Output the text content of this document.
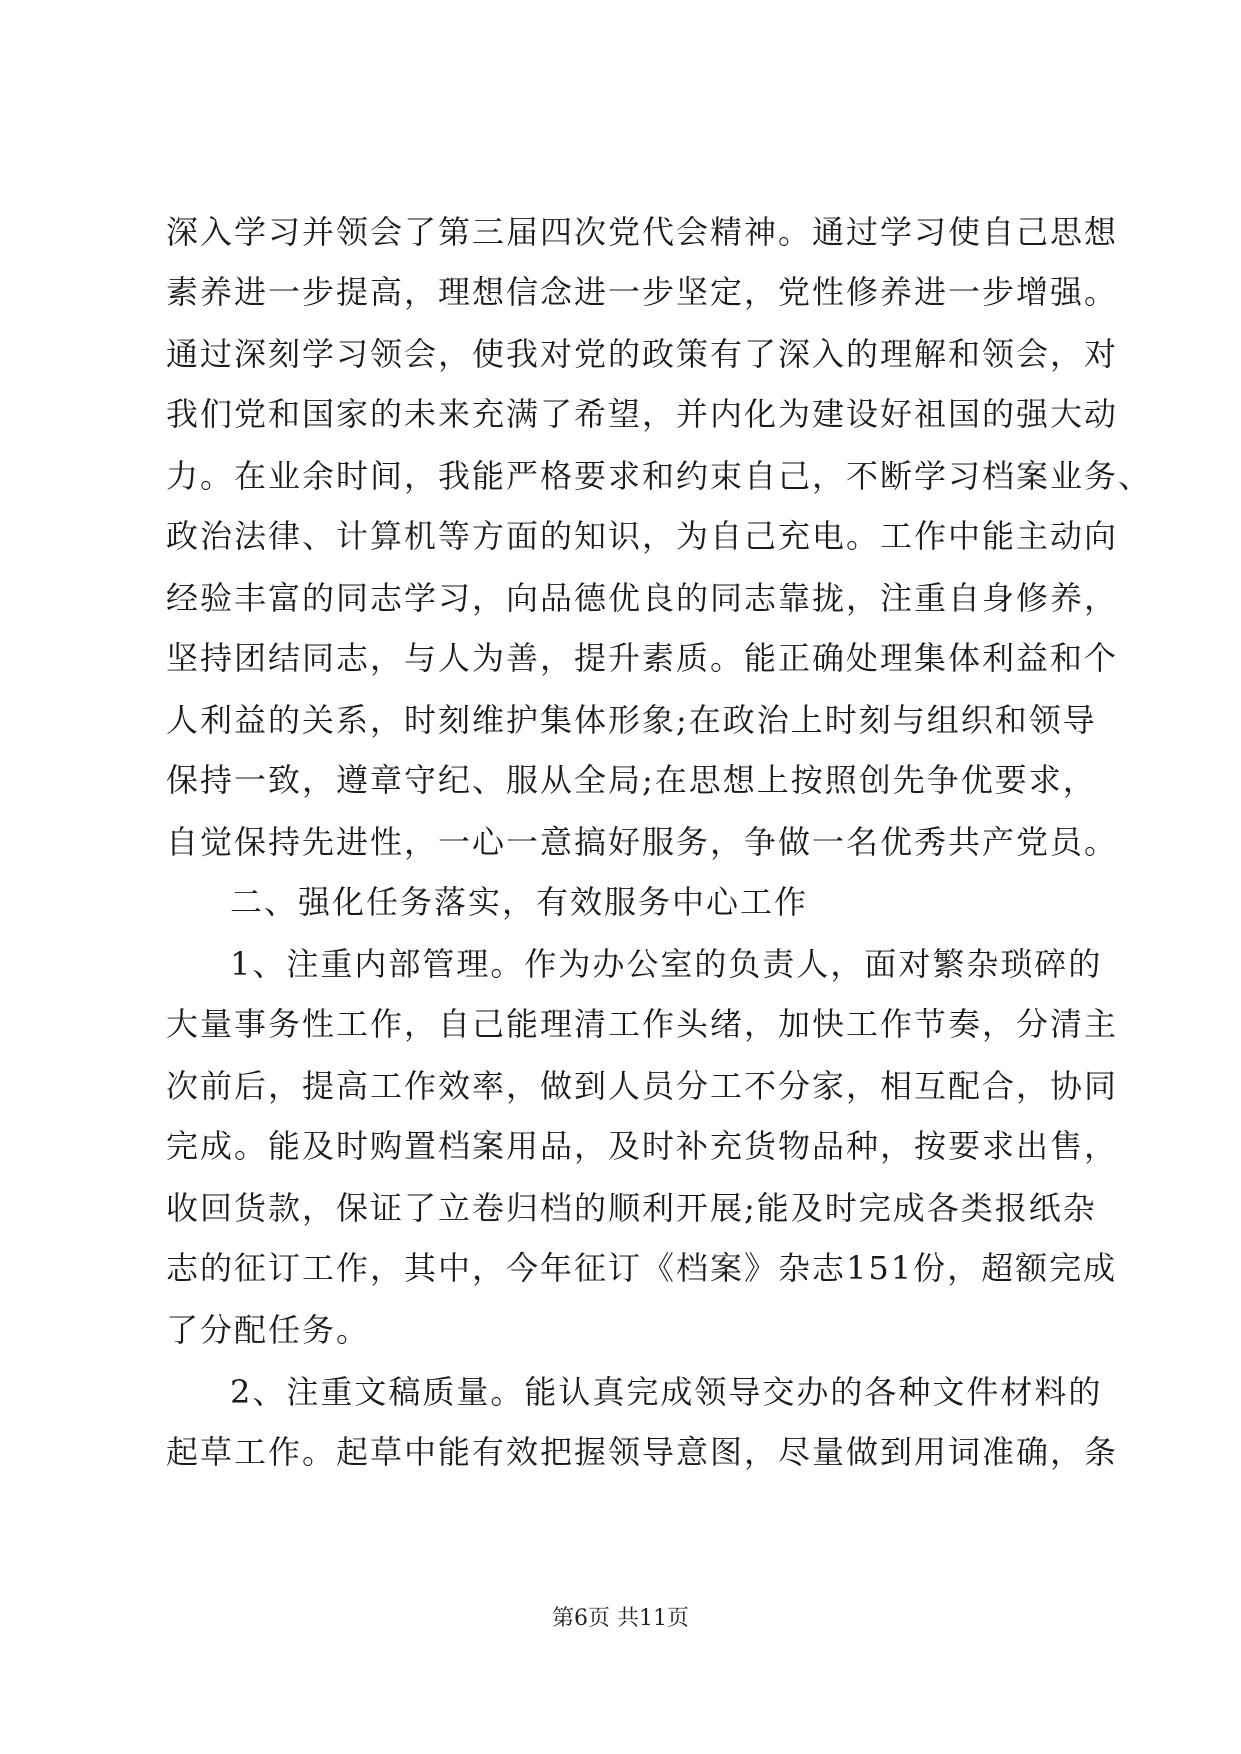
深入学习并领会了第三届四次党代会精神。通过学习使自己思想
素养进一步提高，理想信念进一步坚定，党性修养进一步增强。
通过深刻学习领会，使我对党的政策有了深入的理解和领会，对
我们党和国家的未来充满了希望，并内化为建设好祖国的强大动
力。在业余时间，我能严格要求和约束自己，不断学习档案业务、
政治法律、计算机等方面的知识，为自己充电。工作中能主动向
经验丰富的同志学习，向品德优良的同志靠拢，注重自身修养，
坚持团结同志，与人为善，提升素质。能正确处理集体利益和个
人利益的关系，时刻维护集体形象;在政治上时刻与组织和领导
保持一致，遵章守纪、服从全局;在思想上按照创先争优要求，
自觉保持先进性，一心一意搞好服务，争做一名优秀共产党员。
二、强化任务落实，有效服务中心工作
1、注重内部管理。作为办公室的负责人，面对繁杂琐碎的
大量事务性工作，自己能理清工作头绪，加快工作节奏，分清主
次前后，提高工作效率，做到人员分工不分家，相互配合，协同
完成。能及时购置档案用品，及时补充货物品种，按要求出售，
收回货款，保证了立卷归档的顺利开展;能及时完成各类报纸杂
志的征订工作，其中，今年征订《档案》杂志151份，超额完成
了分配任务。
2、注重文稿质量。能认真完成领导交办的各种文件材料的
起草工作。起草中能有效把握领导意图，尽量做到用词准确，条
第6页 共11页
